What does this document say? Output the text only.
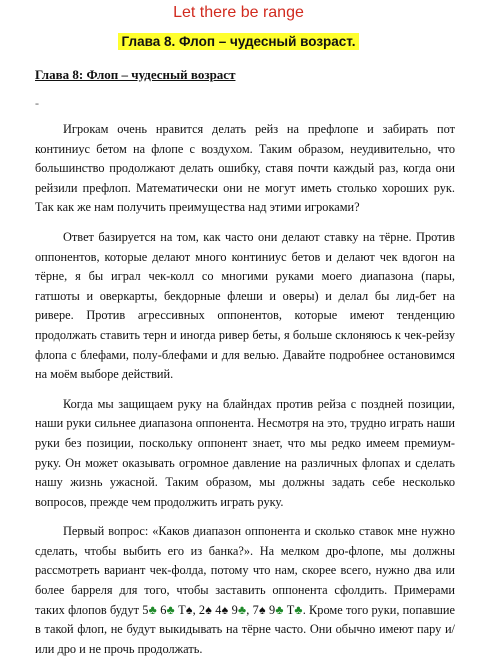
Let there be range
Глава 8. Флоп – чудесный возраст.
Глава 8: Флоп – чудесный возраст
-

Игрокам очень нравится делать рейз на префлопе и забирать пот континиус бетом на флопе с воздухом. Таким образом, неудивительно, что большинство продолжают делать ошибку, ставя почти каждый раз, когда они рейзили префлоп. Математически они не могут иметь столько хороших рук. Так как же нам получить преимущества над этими игроками?

Ответ базируется на том, как часто они делают ставку на тёрне. Против оппонентов, которые делают много континиус бетов и делают чек вдогон на тёрне, я бы играл чек-колл со многими руками моего диапазона (пары, гатшоты и оверкарты, бекдорные флеши и оверы) и делал бы лид-бет на ривере. Против агрессивных оппонентов, которые имеют тенденцию продолжать ставить терн и иногда ривер беты, я больше склоняюсь к чек-рейзу флопа с блефами, полу-блефами и для велью. Давайте подробнее остановимся на моём выборе действий.

Когда мы защищаем руку на блайндах против рейза с поздней позиции, наши руки сильнее диапазона оппонента. Несмотря на это, трудно играть наши руки без позиции, поскольку оппонент знает, что мы редко имеем премиум-руку. Он может оказывать огромное давление на различных флопах и сделать нашу жизнь ужасной. Таким образом, мы должны задать себе несколько вопросов, прежде чем продолжить играть руку.

Первый вопрос: «Каков диапазон оппонента и сколько ставок мне нужно сделать, чтобы выбить его из банка?». На мелком дро-флопе, мы должны рассмотреть вариант чек-фолда, потому что нам, скорее всего, нужно два или более барреля для того, чтобы заставить оппонента сфолдить. Примерами таких флопов будут 5♣ 6♣ T♠, 2♠ 4♠ 9♣, 7♠ 9♣ T♣. Кроме того руки, попавшие в такой флоп, не будут выкидывать на тёрне часто. Они обычно имеют пару и/или дро и не прочь продолжать.
